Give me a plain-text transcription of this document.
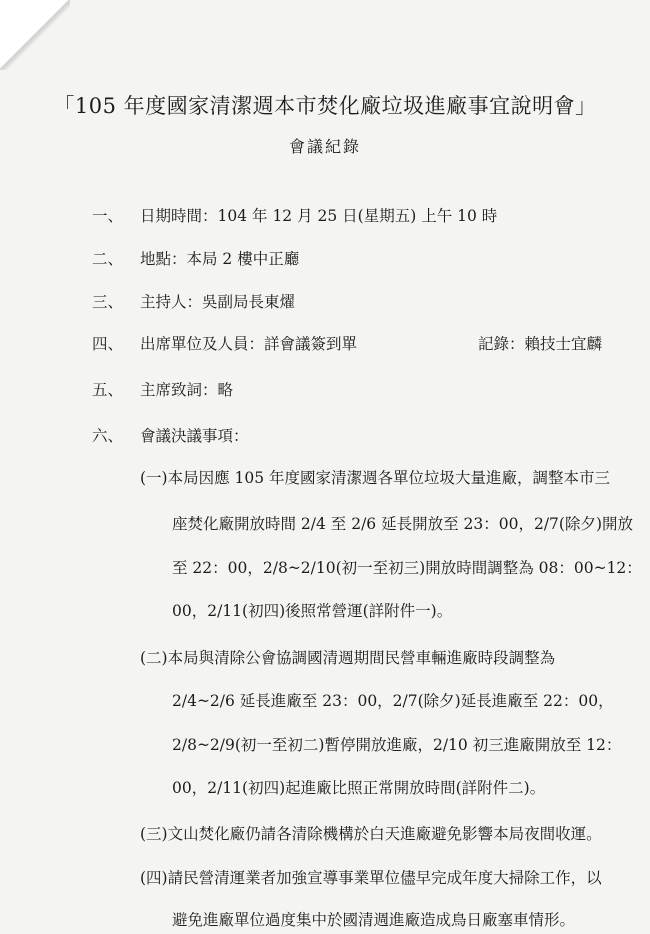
「105 年度國家清潔週本市焚化廠垃圾進廠事宜說明會」
會議紀錄
一、 日期時間：104 年 12 月 25 日(星期五) 上午 10 時
二、 地點：本局 2 樓中正廳
三、 主持人：吳副局長東燿
四、 出席單位及人員：詳會議簽到單	記錄：賴技士宜麟
五、 主席致詞：略
六、 會議決議事項：
(一)本局因應 105 年度國家清潔週各單位垃圾大量進廠，調整本市三
座焚化廠開放時間 2/4 至 2/6 延長開放至 23：00，2/7(除夕)開放
至 22：00，2/8~2/10(初一至初三)開放時間調整為 08：00~12：
00，2/11(初四)後照常營運(詳附件一)。
(二)本局與清除公會協調國清週期間民營車輛進廠時段調整為
2/4~2/6 延長進廠至 23：00，2/7(除夕)延長進廠至 22：00，
2/8~2/9(初一至初二)暫停開放進廠，2/10 初三進廠開放至 12：
00，2/11(初四)起進廠比照正常開放時間(詳附件二)。
(三)文山焚化廠仍請各清除機構於白天進廠避免影響本局夜間收運。
(四)請民營清運業者加強宣導事業單位儘早完成年度大掃除工作，以
避免進廠單位過度集中於國清週進廠造成鳥日廠塞車情形。
